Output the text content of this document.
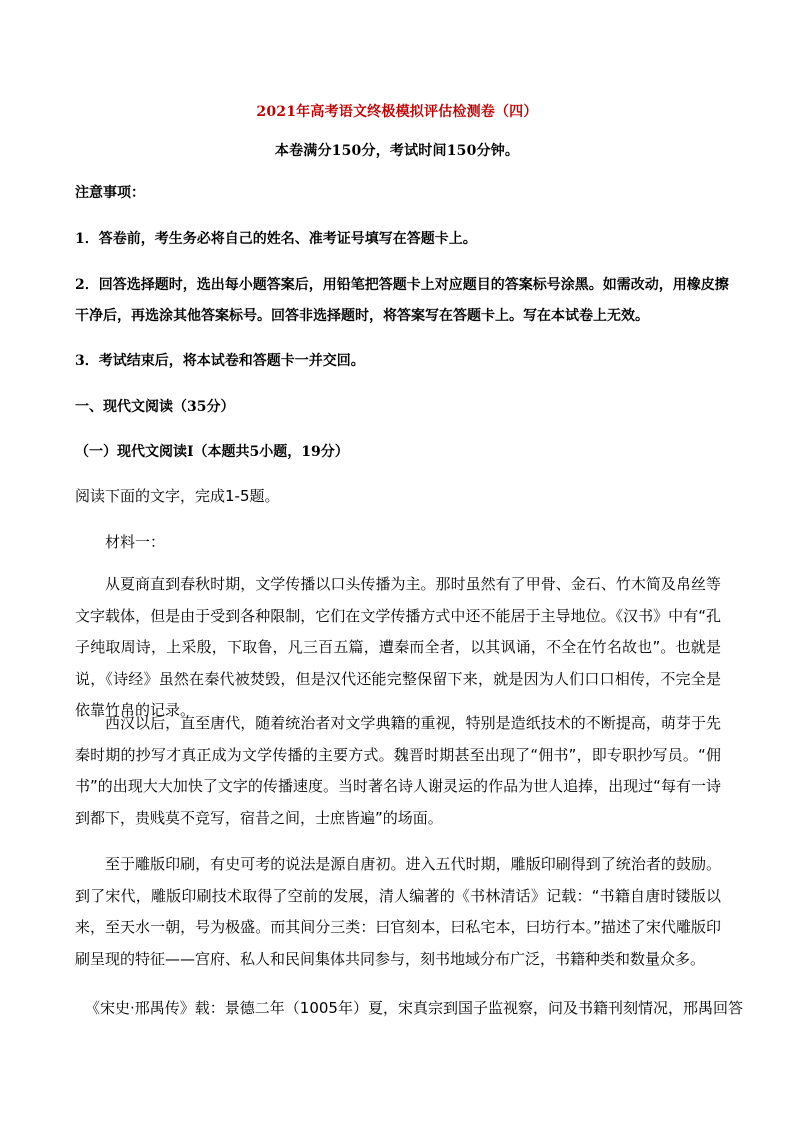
2021年高考语文终极模拟评估检测卷（四）
本卷满分150分，考试时间150分钟。
注意事项：
1．答卷前，考生务必将自己的姓名、准考证号填写在答题卡上。
2．回答选择题时，选出每小题答案后，用铅笔把答题卡上对应题目的答案标号涂黑。如需改动，用橡皮擦
干净后，再选涂其他答案标号。回答非选择题时，将答案写在答题卡上。写在本试卷上无效。
3．考试结束后，将本试卷和答题卡一并交回。
一、现代文阅读（35分）
（一）现代文阅读Ⅰ（本题共5小题，19分）
阅读下面的文字，完成1-5题。
材料一：
从夏商直到春秋时期，文学传播以口头传播为主。那时虽然有了甲骨、金石、竹木简及帛丝等文字载体，但是由于受到各种限制，它们在文学传播方式中还不能居于主导地位。《汉书》中有“孔子纯取周诗，上采殷，下取鲁，凡三百五篇，遭秦而全者，以其讽诵，不全在竹名故也”。也就是说，《诗经》虽然在秦代被焚毁，但是汉代还能完整保留下来，就是因为人们口口相传，不完全是依靠竹帛的记录。
西汉以后，直至唐代，随着统治者对文学典籍的重视，特别是造纸技术的不断提高，萌芽于先秦时期的抄写才真正成为文学传播的主要方式。魏晋时期甚至出现了“佣书”，即专职抄写员。“佣书”的出现大大加快了文字的传播速度。当时著名诗人谢灵运的作品为世人追捧，出现过“每有一诗到都下，贵贱莫不竞写，宿昔之间，士庶皆遍”的场面。
至于雕版印刷，有史可考的说法是源自唐初。进入五代时期，雕版印刷得到了统治者的鼓励。到了宋代，雕版印刷技术取得了空前的发展，清人编著的《书林清话》记载：“书籍自唐时镂版以来，至天水一朝，号为极盛。而其间分三类：曰官刻本，曰私宅本，曰坊行本。”描述了宋代雕版印刷呈现的特征——宫府、私人和民间集体共同参与，刻书地域分布广泛，书籍种类和数量众多。
《宋史·邢禺传》载：景德二年（1005年）夏，宋真宗到国子监视察，问及书籍刊刻情况，邢禺回答
